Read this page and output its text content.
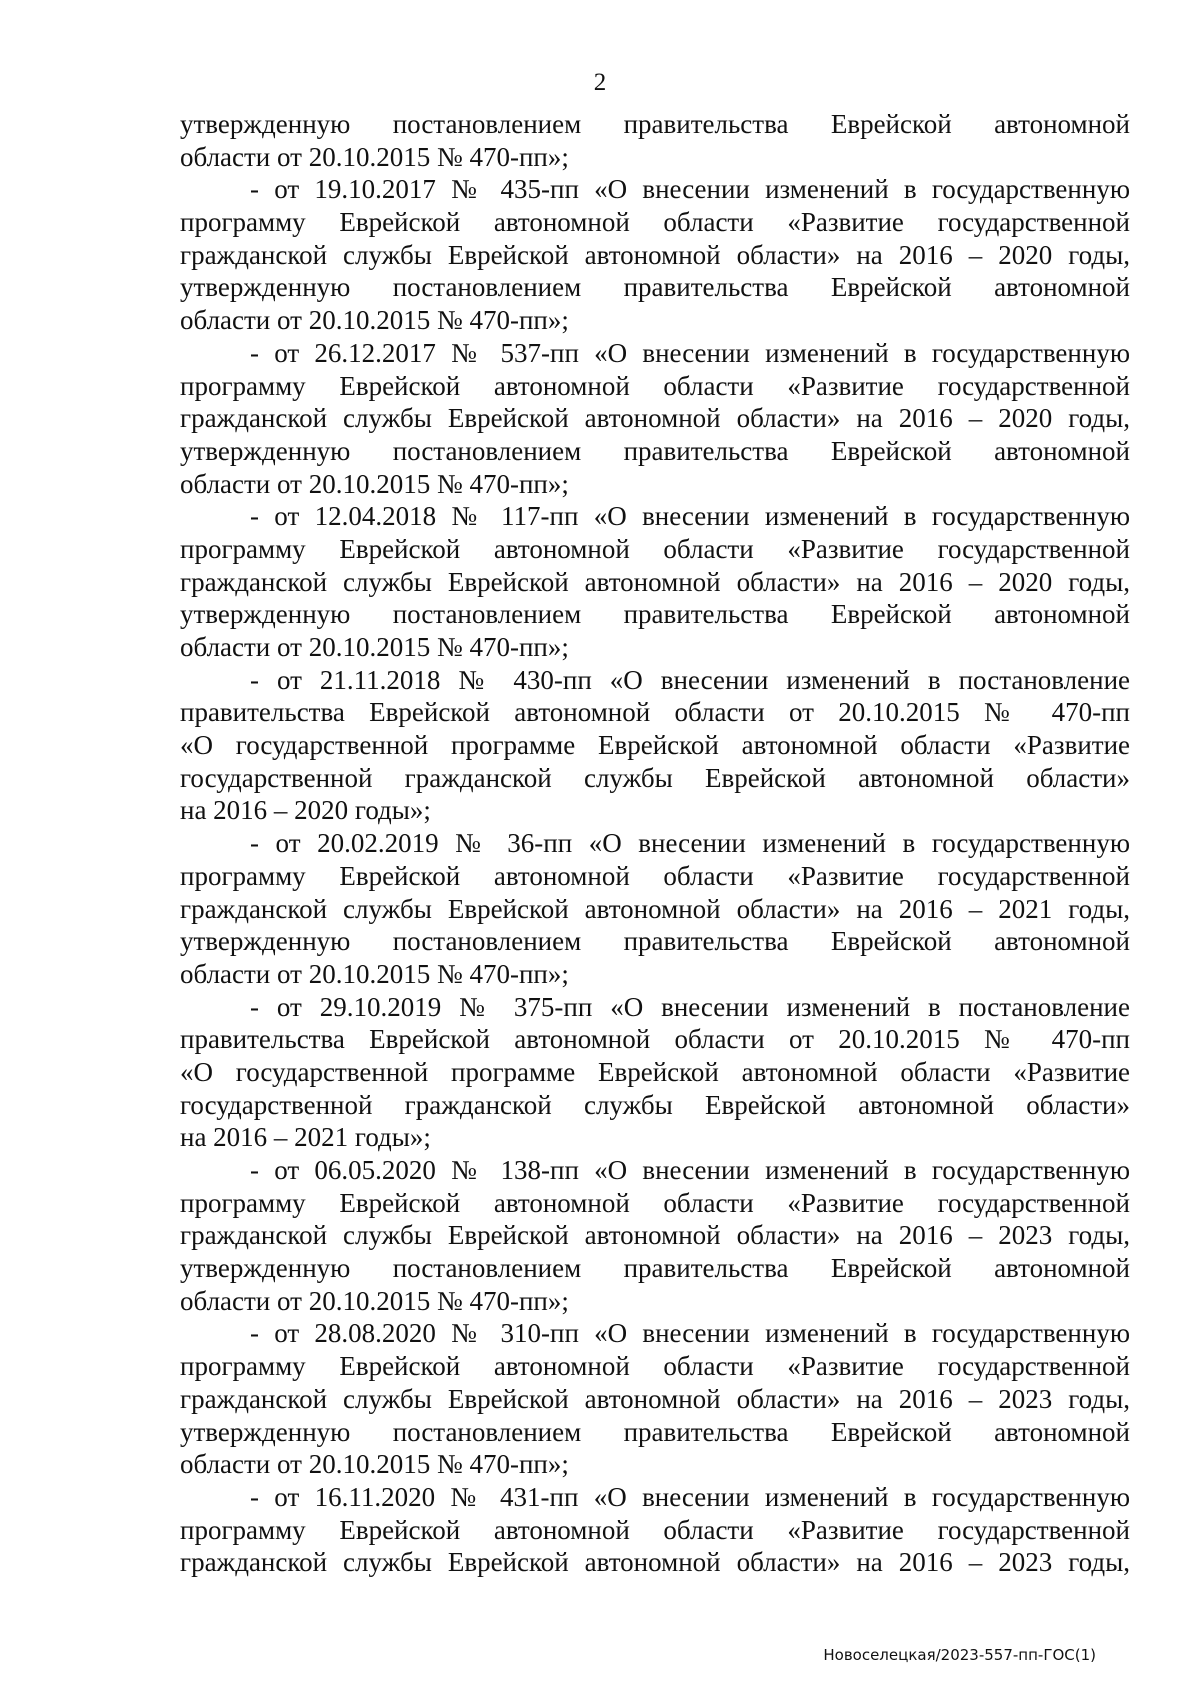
2
утвержденную постановлением правительства Еврейской автономной
области от 20.10.2015 № 470-пп»;
- от 19.10.2017 № 435-пп «О внесении изменений в государственную
программу Еврейской автономной области «Развитие государственной
гражданской службы Еврейской автономной области» на 2016 – 2020 годы,
утвержденную постановлением правительства Еврейской автономной
области от 20.10.2015 № 470-пп»;
- от 26.12.2017 № 537-пп «О внесении изменений в государственную
программу Еврейской автономной области «Развитие государственной
гражданской службы Еврейской автономной области» на 2016 – 2020 годы,
утвержденную постановлением правительства Еврейской автономной
области от 20.10.2015 № 470-пп»;
- от 12.04.2018 № 117-пп «О внесении изменений в государственную
программу Еврейской автономной области «Развитие государственной
гражданской службы Еврейской автономной области» на 2016 – 2020 годы,
утвержденную постановлением правительства Еврейской автономной
области от 20.10.2015 № 470-пп»;
- от 21.11.2018 № 430-пп «О внесении изменений в постановление
правительства Еврейской автономной области от 20.10.2015 № 470-пп
«О государственной программе Еврейской автономной области «Развитие
государственной гражданской службы Еврейской автономной области»
на 2016 – 2020 годы»;
- от 20.02.2019 № 36-пп «О внесении изменений в государственную
программу Еврейской автономной области «Развитие государственной
гражданской службы Еврейской автономной области» на 2016 – 2021 годы,
утвержденную постановлением правительства Еврейской автономной
области от 20.10.2015 № 470-пп»;
- от 29.10.2019 № 375-пп «О внесении изменений в постановление
правительства Еврейской автономной области от 20.10.2015 № 470-пп
«О государственной программе Еврейской автономной области «Развитие
государственной гражданской службы Еврейской автономной области»
на 2016 – 2021 годы»;
- от 06.05.2020 № 138-пп «О внесении изменений в государственную
программу Еврейской автономной области «Развитие государственной
гражданской службы Еврейской автономной области» на 2016 – 2023 годы,
утвержденную постановлением правительства Еврейской автономной
области от 20.10.2015 № 470-пп»;
- от 28.08.2020 № 310-пп «О внесении изменений в государственную
программу Еврейской автономной области «Развитие государственной
гражданской службы Еврейской автономной области» на 2016 – 2023 годы,
утвержденную постановлением правительства Еврейской автономной
области от 20.10.2015 № 470-пп»;
- от 16.11.2020 № 431-пп «О внесении изменений в государственную
программу Еврейской автономной области «Развитие государственной
гражданской службы Еврейской автономной области» на 2016 – 2023 годы,
Новоселецкая/2023-557-пп-ГОС(1)
